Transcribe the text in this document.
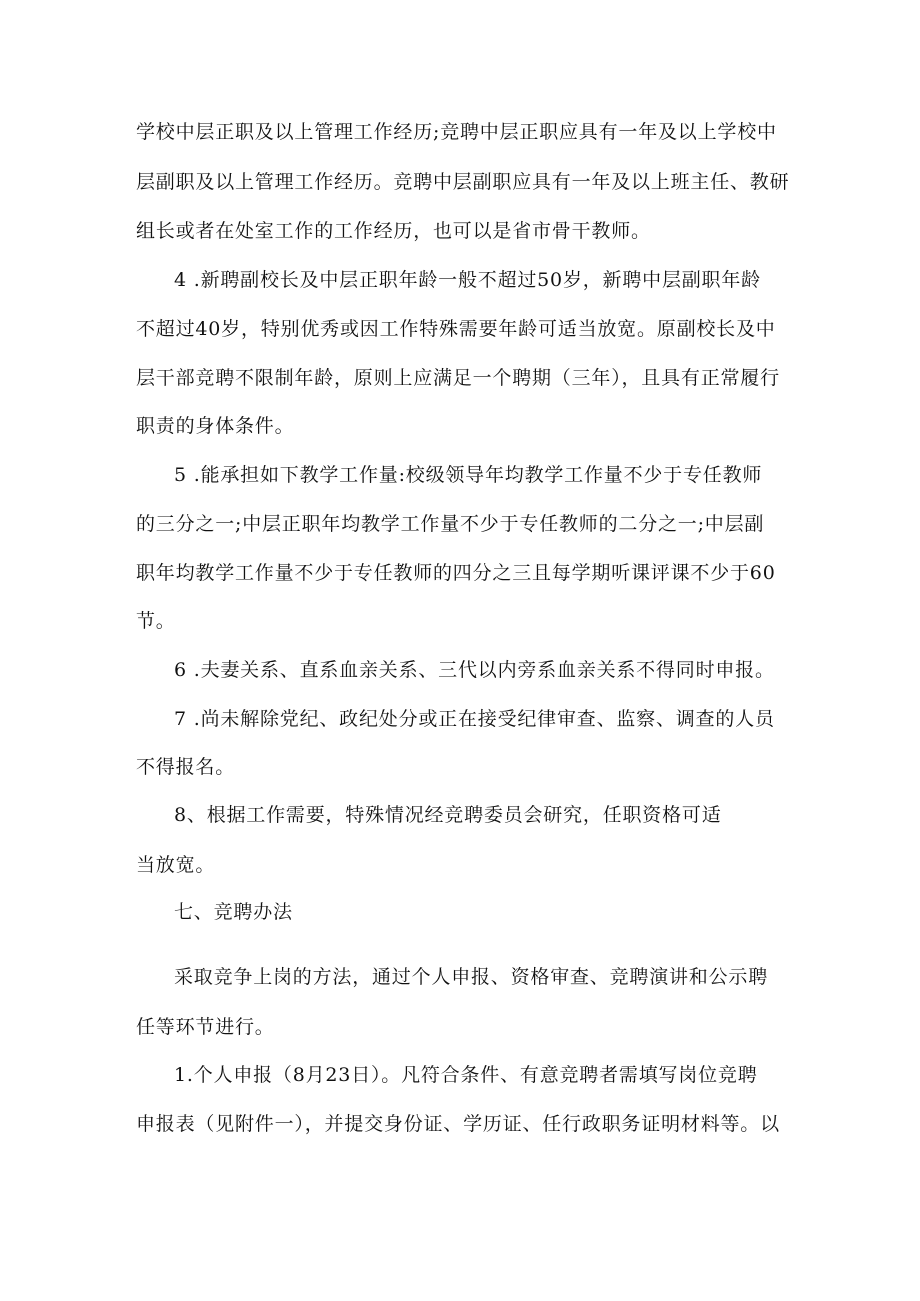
学校中层正职及以上管理工作经历;竞聘中层正职应具有一年及以上学校中
层副职及以上管理工作经历。竞聘中层副职应具有一年及以上班主任、教研
组长或者在处室工作的工作经历，也可以是省市骨干教师。
4 .新聘副校长及中层正职年龄一般不超过50岁，新聘中层副职年龄
不超过40岁，特别优秀或因工作特殊需要年龄可适当放宽。原副校长及中
层干部竞聘不限制年龄，原则上应满足一个聘期（三年），且具有正常履行
职责的身体条件。
5 .能承担如下教学工作量:校级领导年均教学工作量不少于专任教师
的三分之一;中层正职年均教学工作量不少于专任教师的二分之一;中层副
职年均教学工作量不少于专任教师的四分之三且每学期听课评课不少于60
节。
6 .夫妻关系、直系血亲关系、三代以内旁系血亲关系不得同时申报。
7 .尚未解除党纪、政纪处分或正在接受纪律审查、监察、调查的人员
不得报名。
8、根据工作需要，特殊情况经竞聘委员会研究，任职资格可适
当放宽。
七、竞聘办法
采取竞争上岗的方法，通过个人申报、资格审查、竞聘演讲和公示聘
任等环节进行。
1.个人申报（8月23日）。凡符合条件、有意竞聘者需填写岗位竞聘
申报表（见附件一），并提交身份证、学历证、任行政职务证明材料等。以
